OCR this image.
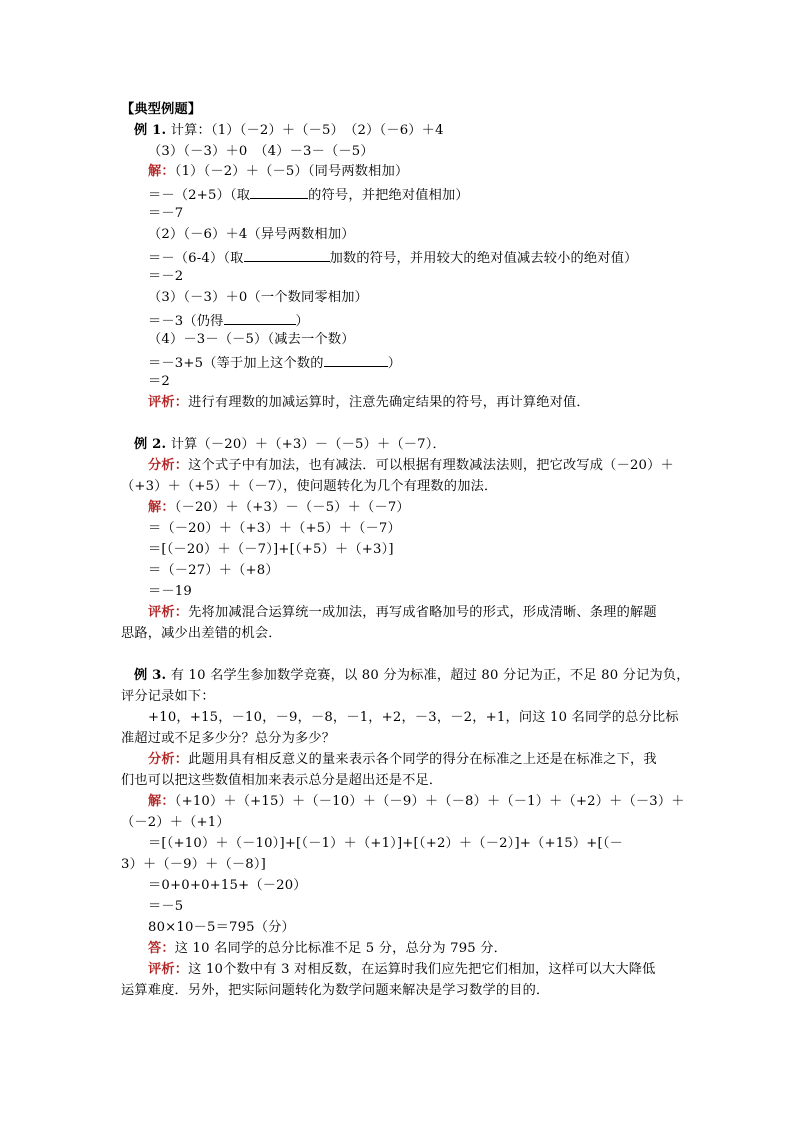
【典型例题】
例 1. 计算：（1）（－2）＋（－5）　（2）（－6）＋4
（3）（－3）＋0　（4）－3－（－5）
解：（1）（－2）＋（－5）（同号两数相加）
＝－（2+5）（取	的符号，并把绝对值相加）
＝－7
（2）（－6）＋4（异号两数相加）
＝－（6-4）（取	加数的符号，并用较大的绝对值减去较小的绝对值）
＝－2
（3）（－3）＋0（一个数同零相加）
＝－3（仍得	）
（4）－3－（－5）（减去一个数）
＝－3+5（等于加上这个数的	）
＝2
评析：进行有理数的加减运算时，注意先确定结果的符号，再计算绝对值．
例 2. 计算（－20）＋（+3）－（－5）＋（－7）．
分析：这个式子中有加法，也有减法．可以根据有理数减法法则，把它改写成（－20）＋
（+3）＋（+5）＋（－7），使问题转化为几个有理数的加法．
解：（－20）＋（+3）－（－5）＋（－7）
＝（－20）＋（+3）＋（+5）＋（－7）
＝[（－20）＋（－7）]+[（+5）＋（+3）]
＝（－27）＋（+8）
＝－19
评析：先将加减混合运算统一成加法，再写成省略加号的形式，形成清晰、条理的解题
思路，减少出差错的机会．
例 3. 有 10 名学生参加数学竞赛，以 80 分为标准，超过 80 分记为正，不足 80 分记为负，
评分记录如下：
+10，+15，－10，－9，－8，－1，+2，－3，－2，+1，问这 10 名同学的总分比标
准超过或不足多少分？总分为多少？
分析：此题用具有相反意义的量来表示各个同学的得分在标准之上还是在标准之下，我
们也可以把这些数值相加来表示总分是超出还是不足．
解：（+10）＋（+15）＋（－10）＋（－9）＋（－8）＋（－1）＋（+2）＋（－3）＋
（－2）＋（+1）
＝[（+10）＋（－10）]+[（－1）＋（+1）]+[（+2）＋（－2）]+（+15）+[（－
3）＋（－9）＋（－8）]
＝0+0+0+15+（－20）
＝－5
80×10－5＝795（分）
答：这 10 名同学的总分比标准不足 5 分，总分为 795 分．
评析：这 10个数中有 3 对相反数，在运算时我们应先把它们相加，这样可以大大降低
运算难度．另外，把实际问题转化为数学问题来解决是学习数学的目的．
